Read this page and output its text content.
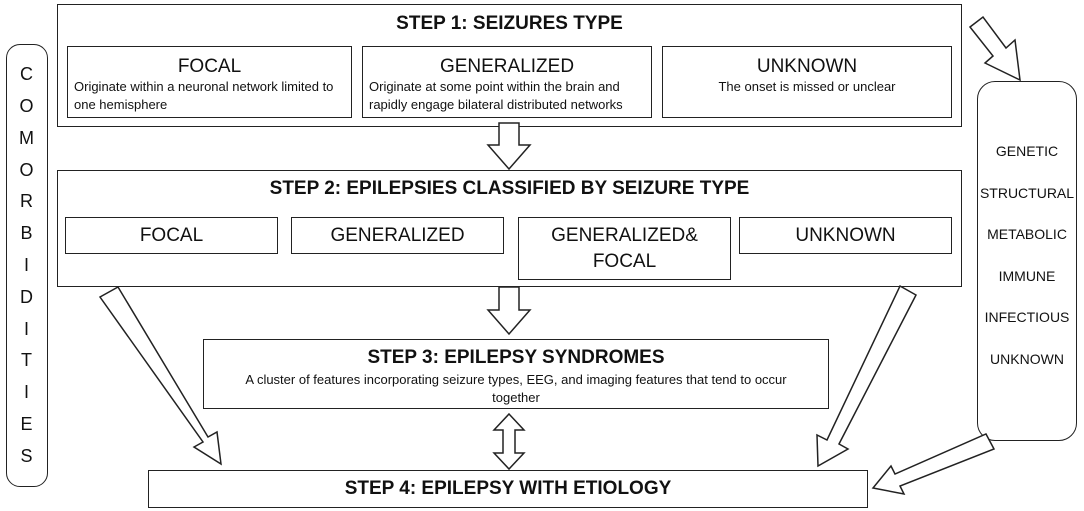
C
O
M
O
R
B
I
D
I
T
I
E
S
STEP 1: SEIZURES TYPE
FOCAL
Originate within a neuronal network limited to one hemisphere
GENERALIZED
Originate at some point within the brain and rapidly engage bilateral distributed networks
UNKNOWN
The onset is missed or unclear
STEP 2: EPILEPSIES CLASSIFIED BY SEIZURE TYPE
FOCAL	GENERALIZED	GENERALIZED& FOCAL
UNKNOWN
STEP 3: EPILEPSY SYNDROMES
A cluster of features incorporating seizure types, EEG, and imaging features that tend to occur together
STEP 4: EPILEPSY WITH ETIOLOGY
GENETIC
STRUCTURAL
METABOLIC
IMMUNE
INFECTIOUS
UNKNOWN
